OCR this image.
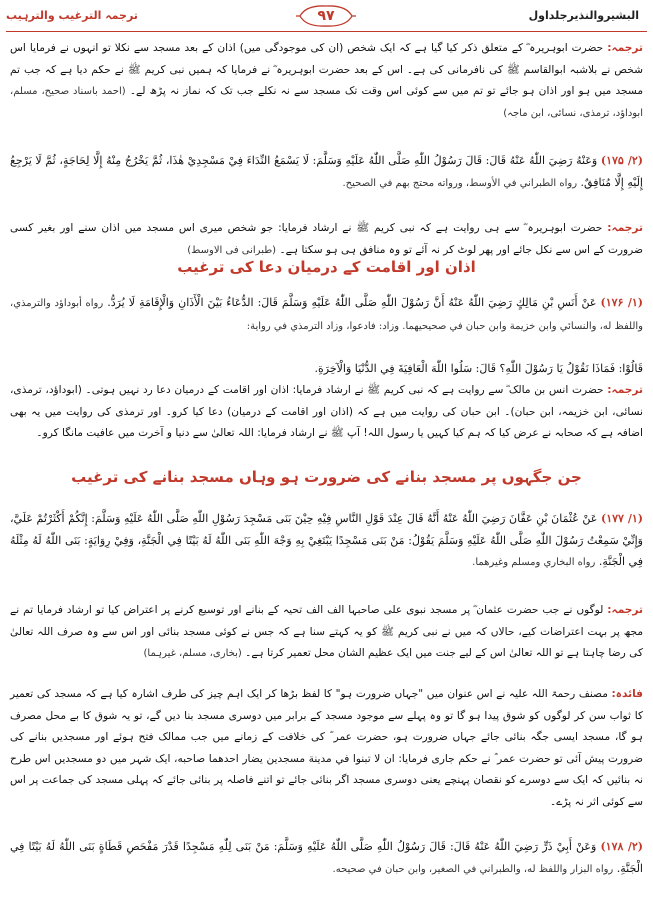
ترجمہ الترغیب والترہیب	۹۷	البشیروالنذیرجلداول

ترجمہ: حضرت ابوہریرہ ؓ کے متعلق ذکر کیا گیا ہے کہ ایک شخص (ان کی موجودگی میں) اذان کے بعد مسجد سے نکلا تو انہوں نے فرمایا اس شخص نے بلاشبہ ابوالقاسم ﷺ کی نافرمانی کی ہے۔ اس کے بعد حضرت ابوہریرہ ؓ نے فرمایا کہ ہمیں نبی کریم ﷺ نے حکم دیا ہے کہ جب تم مسجد میں ہو اور اذان ہو جائے تو تم میں سے کوئی اس وقت تک مسجد سے نہ نکلے جب تک کہ نماز نہ پڑھ لے۔ (احمد باسناد صحیح، مسلم، ابوداؤد، ترمذی، نسائی، ابن ماجہ)

(۲/ ۱۷۵) وَعَنْهُ رَضِيَ اللّٰهُ عَنْهُ قَالَ: قَالَ رَسُوْلُ اللّٰهِ صَلَّى اللّٰهُ عَلَيْهِ وَسَلَّمَ: لَا يَسْمَعُ النِّدَاءَ فِيْ مَسْجِدِيْ هٰذَا، ثُمَّ يَخْرُجُ مِنْهُ إِلَّا لِحَاجَةٍ، ثُمَّ لَا يَرْجِعُ إِلَيْهِ إِلَّا مُنَافِقٌ. رواه الطبراني في الأوسط، ورواته محتج بهم في الصحيح.

ترجمہ: حضرت ابوہریرہ ؓ سے ہی روایت ہے کہ نبی کریم ﷺ نے ارشاد فرمایا: جو شخص میری اس مسجد میں اذان سنے اور بغیر کسی ضرورت کے اس سے نکل جائے اور پھر لوٹ کر نہ آئے تو وہ منافق ہی ہو سکتا ہے۔ (طبرانی فی الاوسط)

اذان اور اقامت کے درمیان دعا کی ترغیب

(۱/ ۱۷۶) عَنْ أَنَسِ بْنِ مَالِكٍ رَضِيَ اللّٰهُ عَنْهُ أَنَّ رَسُوْلَ اللّٰهِ صَلَّى اللّٰهُ عَلَيْهِ وَسَلَّمَ قَالَ: الدُّعَاءُ بَيْنَ الْأَذَانِ وَالْإِقَامَةِ لَا يُرَدُّ. رواه أبوداؤد والترمذي، واللفظ له، والنسائي وابن خزيمة وابن حبان في صحيحيهما. وزاد: فادعوا، وزاد الترمذي في رواية:

قَالُوْا: فَمَاذَا نَقُوْلُ يَا رَسُوْلَ اللّٰهِ؟ قَالَ: سَلُوا اللّٰهَ الْعَافِيَةَ فِي الدُّنْيَا وَالْآخِرَةِ.

ترجمہ: حضرت انس بن مالک ؓ سے روایت ہے کہ نبی کریم ﷺ نے ارشاد فرمایا: اذان اور اقامت کے درمیان دعا رد نہیں ہوتی۔ (ابوداؤد، ترمذی، نسائی، ابن خزیمہ، ابن حبان)۔ ابن حبان کی روایت میں ہے کہ (اذان اور اقامت کے درمیان) دعا کیا کرو۔ اور ترمذی کی روایت میں یہ بھی اضافہ ہے کہ صحابہ نے عرض کیا کہ ہم کیا کہیں یا رسول اللہ! آپ ﷺ نے ارشاد فرمایا: اللہ تعالیٰ سے دنیا و آخرت میں عافیت مانگا کرو۔

جن جگہوں پر مسجد بنانے کی ضرورت ہو وہاں مسجد بنانے کی ترغیب

(۱/ ۱۷۷) عَنْ عُثْمَانَ بْنِ عَفَّانَ رَضِيَ اللّٰهُ عَنْهُ أَنَّهُ قَالَ عِنْدَ قَوْلِ النَّاسِ فِيْهِ حِيْنَ بَنَى مَسْجِدَ رَسُوْلِ اللّٰهِ صَلَّى اللّٰهُ عَلَيْهِ وَسَلَّمَ: إِنَّكُمْ أَكْثَرْتُمْ عَلَيَّ، وَإِنِّيْ سَمِعْتُ رَسُوْلَ اللّٰهِ صَلَّى اللّٰهُ عَلَيْهِ وَسَلَّمَ يَقُوْلُ: مَنْ بَنَى مَسْجِدًا يَبْتَغِيْ بِهِ وَجْهَ اللّٰهِ بَنَى اللّٰهُ لَهُ بَيْتًا فِي الْجَنَّةِ، وَفِيْ رِوَايَةٍ: بَنَى اللّٰهُ لَهُ مِثْلَهُ فِي الْجَنَّةِ. رواه البخاري ومسلم وغيرهما.

ترجمہ: لوگوں نے جب حضرت عثمان ؓ پر مسجد نبوی علی صاحبہا الف الف تحیہ کے بنانے اور توسیع کرنے پر اعتراض کیا تو ارشاد فرمایا تم نے مجھ پر بہت اعتراضات کیے، حالاں کہ میں نے نبی کریم ﷺ کو یہ کہتے سنا ہے کہ جس نے کوئی مسجد بنائی اور اس سے وہ صرف اللہ تعالیٰ کی رضا چاہتا ہے تو اللہ تعالیٰ اس کے لیے جنت میں ایک عظیم الشان محل تعمیر کرتا ہے۔ (بخاری، مسلم، غیرہما)

فائدہ: مصنف رحمۃ اللہ علیہ نے اس عنوان میں "جہاں ضرورت ہو" کا لفظ بڑھا کر ایک اہم چیز کی طرف اشارہ کیا ہے کہ مسجد کی تعمیر کا ثواب سن کر لوگوں کو شوق پیدا ہو گا تو وہ پہلے سے موجود مسجد کے برابر میں دوسری مسجد بنا دیں گے، تو یہ شوق کا بے محل مصرف ہو گا، مسجد ایسی جگہ بنائی جائے جہاں ضرورت ہو، حضرت عمر ؓ کی خلافت کے زمانے میں جب ممالک فتح ہوئے اور مسجدیں بنانے کی ضرورت پیش آئی تو حضرت عمر ؓ نے حکم جاری فرمایا: ان لا تبنوا في مدينة مسجدين يضار احدهما صاحبه، ایک شہر میں دو مسجدیں اس طرح نہ بنائیں کہ ایک سے دوسرے کو نقصان پہنچے یعنی دوسری مسجد اگر بنائی جائے تو اتنے فاصلہ پر بنائی جائے کہ پہلی مسجد کی جماعت پر اس سے کوئی اثر نہ پڑے۔

(۲/ ۱۷۸) وَعَنْ أَبِيْ ذَرٍّ رَضِيَ اللّٰهُ عَنْهُ قَالَ: قَالَ رَسُوْلُ اللّٰهِ صَلَّى اللّٰهُ عَلَيْهِ وَسَلَّمَ: مَنْ بَنَى لِلّٰهِ مَسْجِدًا قَدْرَ مَفْحَصِ قَطَاةٍ بَنَى اللّٰهُ لَهُ بَيْتًا فِي الْجَنَّةِ. رواه البزار واللفظ له، والطبراني في الصغير، وابن حبان في صحيحه.
